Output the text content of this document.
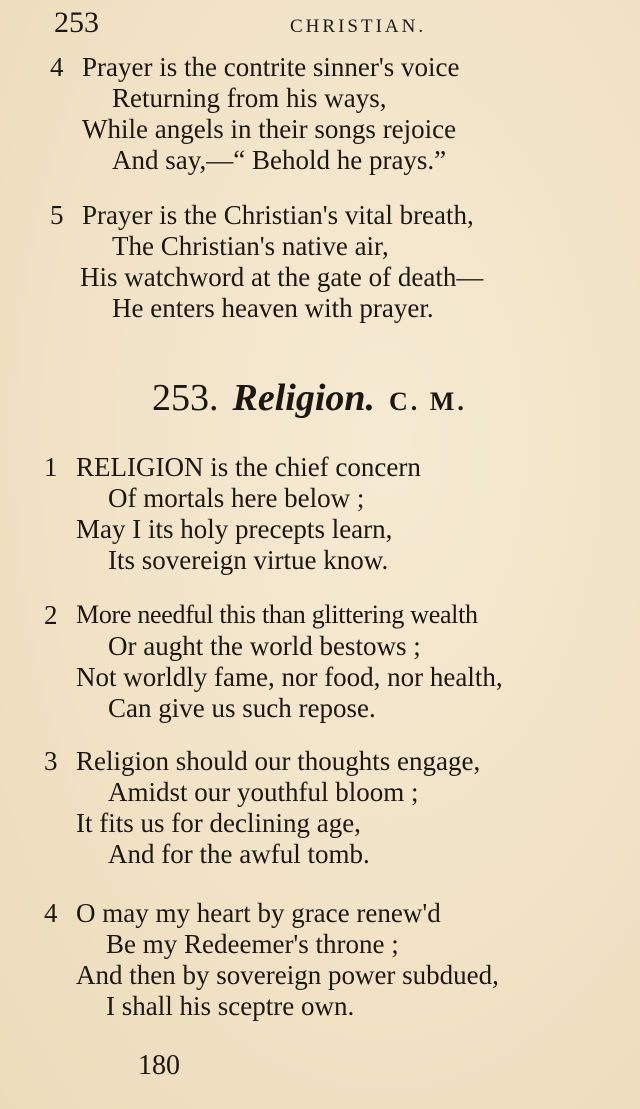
253	CHRISTIAN.
4 Prayer is the contrite sinner's voice
Returning from his ways,
While angels in their songs rejoice
And say,—“ Behold he prays.”
5 Prayer is the Christian's vital breath,
The Christian's native air,
His watchword at the gate of death—
He enters heaven with prayer.
253. Religion. C. M.
1 RELIGION is the chief concern
Of mortals here below ;
May I its holy precepts learn,
Its sovereign virtue know.
2 More needful this than glittering wealth
Or aught the world bestows ;
Not worldly fame, nor food, nor health,
Can give us such repose.
3 Religion should our thoughts engage,
Amidst our youthful bloom ;
It fits us for declining age,
And for the awful tomb.
4 O may my heart by grace renew'd
Be my Redeemer's throne ;
And then by sovereign power subdued,
I shall his sceptre own.
180
